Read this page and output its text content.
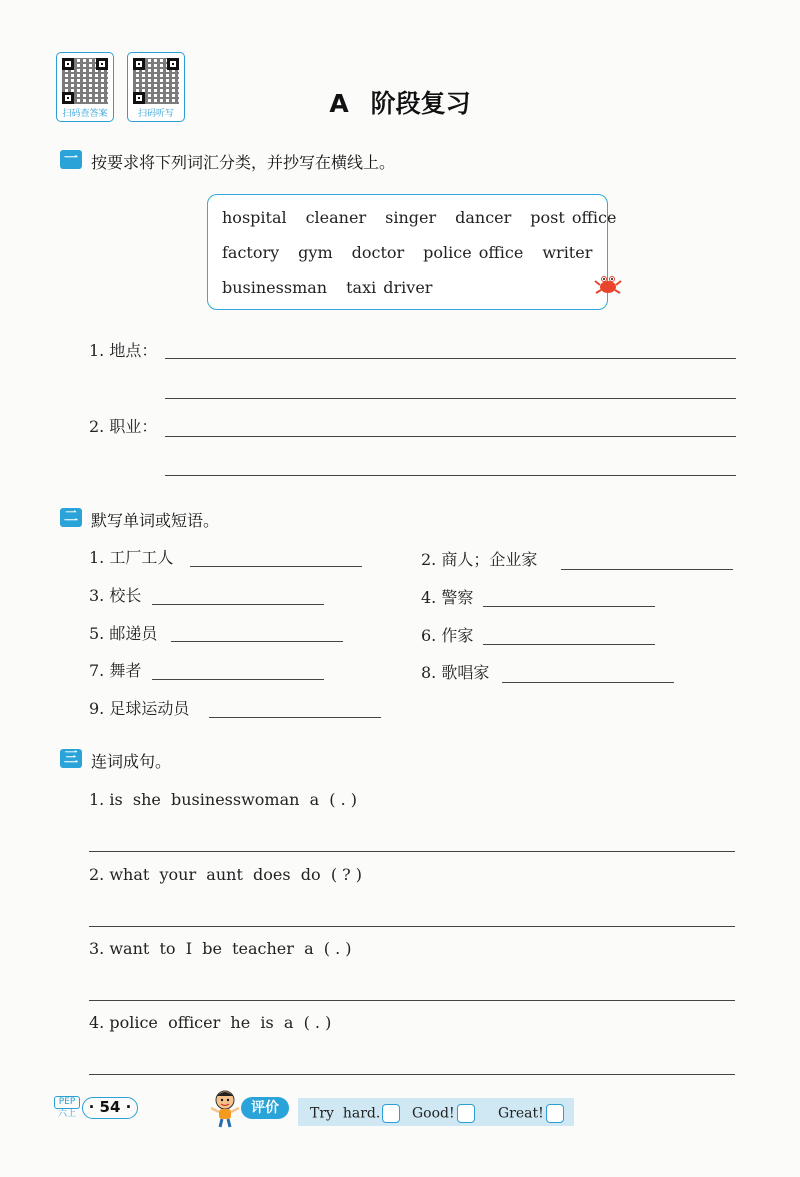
扫码查答案	扫码听写	A 阶段复习
一 按要求将下列词汇分类，并抄写在横线上。
hospital cleaner singer dancer post office
factory gym doctor police office writer
businessman taxi driver
1. 地点：
2. 职业：
二 默写单词或短语。
1. 工厂工人	2. 商人；企业家
3. 校长	4. 警察
5. 邮递员	6. 作家
7. 舞者	8. 歌唱家
9. 足球运动员
三 连词成句。
1. is  she  businesswoman  a  ( . )
2. what  your  aunt  does  do  ( ? )
3. want  to  I  be  teacher  a  ( . )
4. police  officer  he  is  a  ( . )
PEP
六上 · 54 ·	评价	Try  hard.	Good!	Great!
